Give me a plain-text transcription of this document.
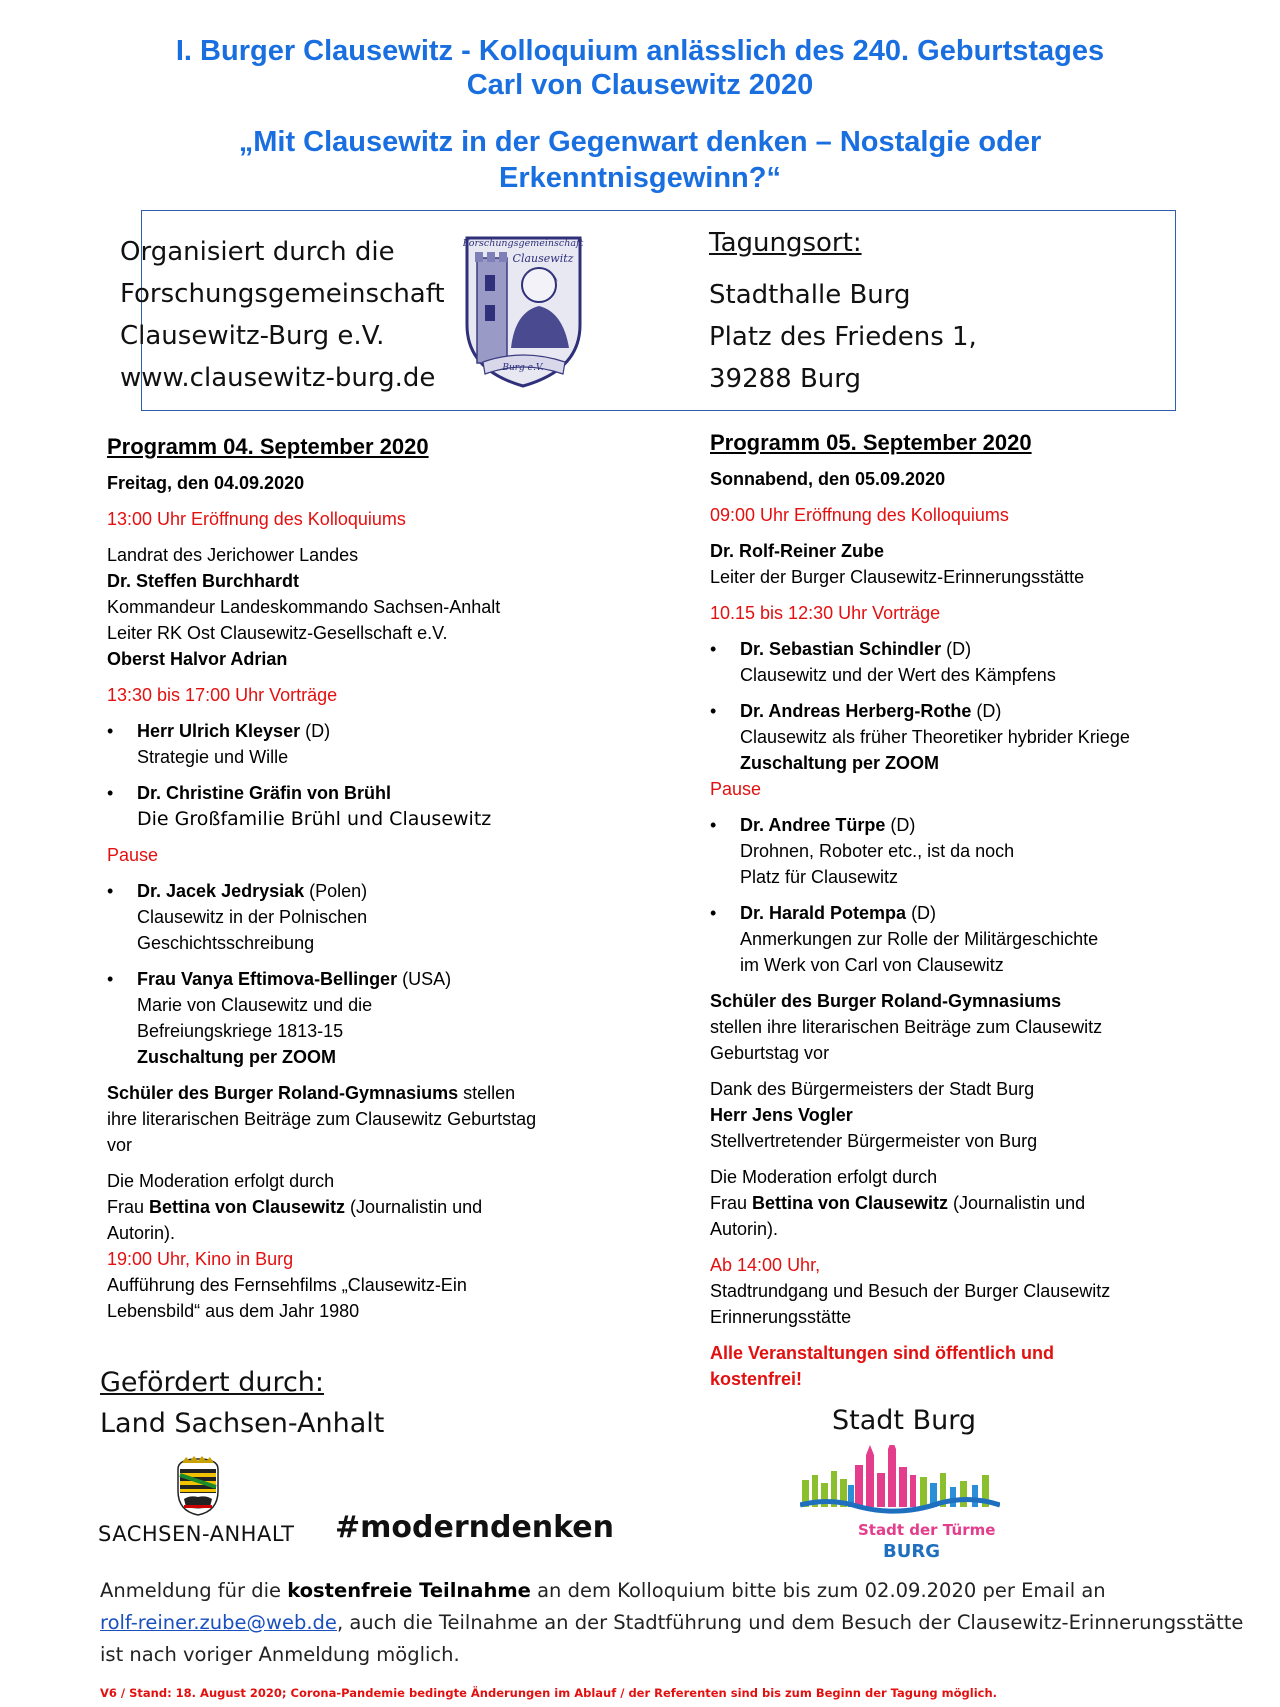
I. Burger Clausewitz - Kolloquium anlässlich des 240. Geburtstages
Carl von Clausewitz 2020
„Mit Clausewitz in der Gegenwart denken – Nostalgie oder
Erkenntnisgewinn?“
Organisiert durch die
Forschungsgemeinschaft
Clausewitz-Burg e.V.
www.clausewitz-burg.de
Forschungsgemeinschaft
Clausewitz
Burg e.V.
Tagungsort:
Stadthalle Burg
Platz des Friedens 1,
39288 Burg
Programm 04. September 2020
Freitag, den 04.09.2020
13:00 Uhr Eröffnung des Kolloquiums
Landrat des Jerichower Landes
Dr. Steffen Burchhardt
Kommandeur Landeskommando Sachsen-Anhalt
Leiter RK Ost Clausewitz-Gesellschaft e.V.
Oberst Halvor Adrian
13:30 bis 17:00 Uhr Vorträge
• Herr Ulrich Kleyser (D)
Strategie und Wille
• Dr. Christine Gräfin von Brühl
Die Großfamilie Brühl und Clausewitz
Pause
• Dr. Jacek Jedrysiak (Polen)
Clausewitz in der Polnischen
Geschichtsschreibung
• Frau Vanya Eftimova-Bellinger (USA)
Marie von Clausewitz und die
Befreiungskriege 1813-15
Zuschaltung per ZOOM
Schüler des Burger Roland-Gymnasiums stellen
ihre literarischen Beiträge zum Clausewitz Geburtstag
vor
Die Moderation erfolgt durch
Frau Bettina von Clausewitz (Journalistin und
Autorin).
19:00 Uhr, Kino in Burg
Aufführung des Fernsehfilms „Clausewitz-Ein
Lebensbild“ aus dem Jahr 1980
Programm 05. September 2020
Sonnabend, den 05.09.2020
09:00 Uhr Eröffnung des Kolloquiums
Dr. Rolf-Reiner Zube
Leiter der Burger Clausewitz-Erinnerungsstätte
10.15 bis 12:30 Uhr Vorträge
• Dr. Sebastian Schindler (D)
Clausewitz und der Wert des Kämpfens
• Dr. Andreas Herberg-Rothe (D)
Clausewitz als früher Theoretiker hybrider Kriege
Zuschaltung per ZOOM
Pause
• Dr. Andree Türpe (D)
Drohnen, Roboter etc., ist da noch
Platz für Clausewitz
• Dr. Harald Potempa (D)
Anmerkungen zur Rolle der Militärgeschichte
im Werk von Carl von Clausewitz
Schüler des Burger Roland-Gymnasiums
stellen ihre literarischen Beiträge zum Clausewitz
Geburtstag vor
Dank des Bürgermeisters der Stadt Burg
Herr Jens Vogler
Stellvertretender Bürgermeister von Burg
Die Moderation erfolgt durch
Frau Bettina von Clausewitz (Journalistin und
Autorin).
Ab 14:00 Uhr,
Stadtrundgang und Besuch der Burger Clausewitz
Erinnerungsstätte
Alle Veranstaltungen sind öffentlich und
kostenfrei!
Gefördert durch:
Land Sachsen-Anhalt
SACHSEN-ANHALT #moderndenken
Stadt Burg
Stadt der Türme
BURG
Anmeldung für die kostenfreie Teilnahme an dem Kolloquium bitte bis zum 02.09.2020 per Email an
rolf-reiner.zube@web.de, auch die Teilnahme an der Stadtführung und dem Besuch der Clausewitz-Erinnerungsstätte
ist nach voriger Anmeldung möglich.
V6 / Stand: 18. August 2020; Corona-Pandemie bedingte Änderungen im Ablauf / der Referenten sind bis zum Beginn der Tagung möglich.
